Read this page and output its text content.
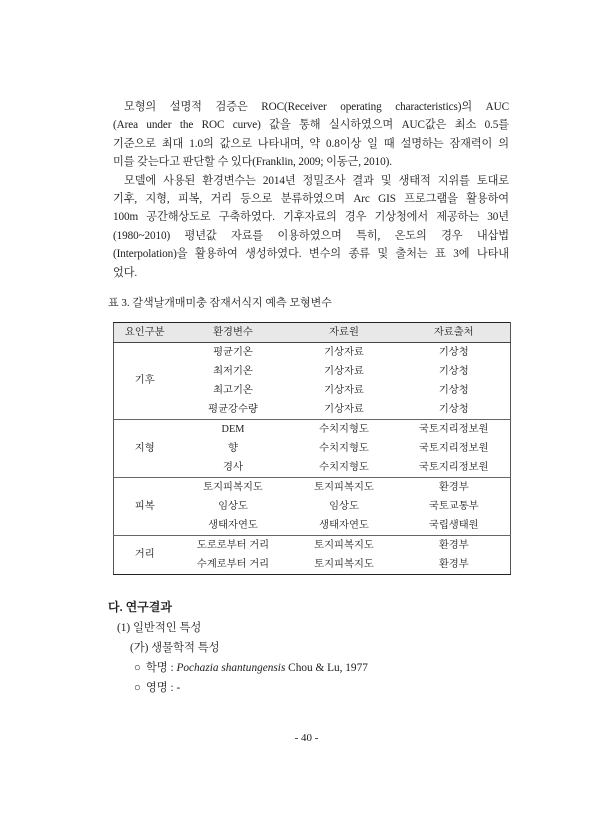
모형의 설명적 검증은 ROC(Receiver operating characteristics)의 AUC
(Area under the ROC curve) 값을 통해 실시하였으며 AUC값은 최소 0.5를
기준으로 최대 1.0의 값으로 나타내며, 약 0.8이상 일 때 설명하는 잠재력이 의
미를 갖는다고 판단할 수 있다(Franklin, 2009; 이동근, 2010).
모델에 사용된 환경변수는 2014년 정밀조사 결과 및 생태적 지위를 토대로
기후, 지형, 피복, 거리 등으로 분류하였으며 Arc GIS 프로그램을 활용하여
100m 공간해상도로 구축하였다. 기후자료의 경우 기상청에서 제공하는 30년
(1980~2010) 평년값 자료를 이용하였으며 특히, 온도의 경우 내삽법
(Interpolation)을 활용하여 생성하였다. 변수의 종류 및 출처는 표 3에 나타내
었다.
표 3. 갈색날개매미충 잠재서식지 예측 모형변수
요인구분	환경변수	자료원	자료출처
기후	평균기온	기상자료	기상청
	최저기온	기상자료	기상청
	최고기온	기상자료	기상청
	평균강수량	기상자료	기상청
지형	DEM	수치지형도	국토지리정보원
	향	수치지형도	국토지리정보원
	경사	수치지형도	국토지리정보원
피복	토지피복지도	토지피복지도	환경부
	임상도	임상도	국토교통부
	생태자연도	생태자연도	국립생태원
거리	도로로부터 거리	토지피복지도	환경부
	수계로부터 거리	토지피복지도	환경부
다. 연구결과
(1) 일반적인 특성
(가) 생물학적 특성
○ 학명 : Pochazia shantungensis Chou & Lu, 1977
○ 영명 : -
- 40 -
